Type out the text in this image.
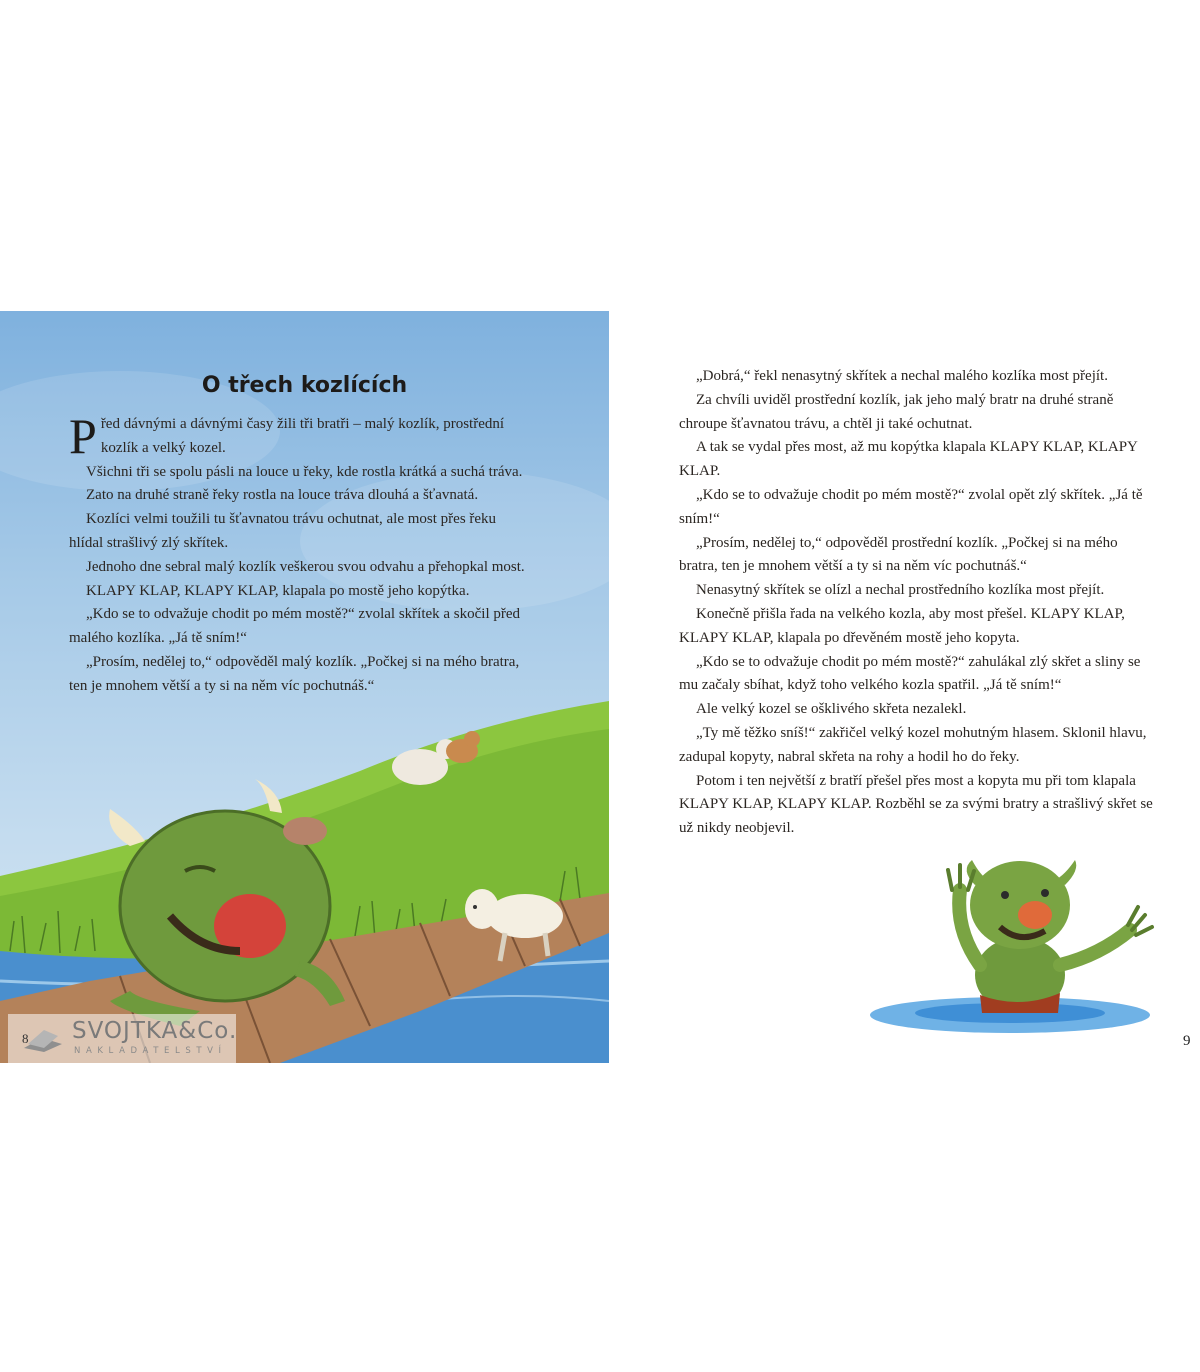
O třech kozlících

Před dávnými a dávnými časy žili tři bratři – malý kozlík, prostřední kozlík a velký kozel.

Všichni tři se spolu pásli na louce u řeky, kde rostla krátká a suchá tráva.

Zato na druhé straně řeky rostla na louce tráva dlouhá a šťavnatá.

Kozlíci velmi toužili tu šťavnatou trávu ochutnat, ale most přes řeku hlídal strašlivý zlý skřítek.

Jednoho dne sebral malý kozlík veškerou svou odvahu a přehopkal most.

KLAPY KLAP, KLAPY KLAP, klapala po mostě jeho kopýtka.

„Kdo se to odvažuje chodit po mém mostě?“ zvolal skřítek a skočil před malého kozlíka. „Já tě sním!“

„Prosím, nedělej to,“ odpověděl malý kozlík. „Počkej si na mého bratra, ten je mnohem větší a ty si na něm víc pochutnáš.“

SVOJTKA&Co.
NAKLADATELSTVÍ
8

„Dobrá,“ řekl nenasytný skřítek a nechal malého kozlíka most přejít.

Za chvíli uviděl prostřední kozlík, jak jeho malý bratr na druhé straně chroupe šťavnatou trávu, a chtěl ji také ochutnat.

A tak se vydal přes most, až mu kopýtka klapala KLAPY KLAP, KLAPY KLAP.

„Kdo se to odvažuje chodit po mém mostě?“ zvolal opět zlý skřítek. „Já tě sním!“

„Prosím, nedělej to,“ odpověděl prostřední kozlík. „Počkej si na mého bratra, ten je mnohem větší a ty si na něm víc pochutnáš.“

Nenasytný skřítek se olízl a nechal prostředního kozlíka most přejít.

Konečně přišla řada na velkého kozla, aby most přešel. KLAPY KLAP, KLAPY KLAP, klapala po dřevěném mostě jeho kopyta.

„Kdo se to odvažuje chodit po mém mostě?“ zahulákal zlý skřet a sliny se mu začaly sbíhat, když toho velkého kozla spatřil. „Já tě sním!“

Ale velký kozel se ošklivého skřeta nezalekl.

„Ty mě těžko sníš!“ zakřičel velký kozel mohutným hlasem. Sklonil hlavu, zadupal kopyty, nabral skřeta na rohy a hodil ho do řeky.

Potom i ten největší z bratří přešel přes most a kopyta mu při tom klapala KLAPY KLAP, KLAPY KLAP. Rozběhl se za svými bratry a strašlivý skřet se už nikdy neobjevil.

9
